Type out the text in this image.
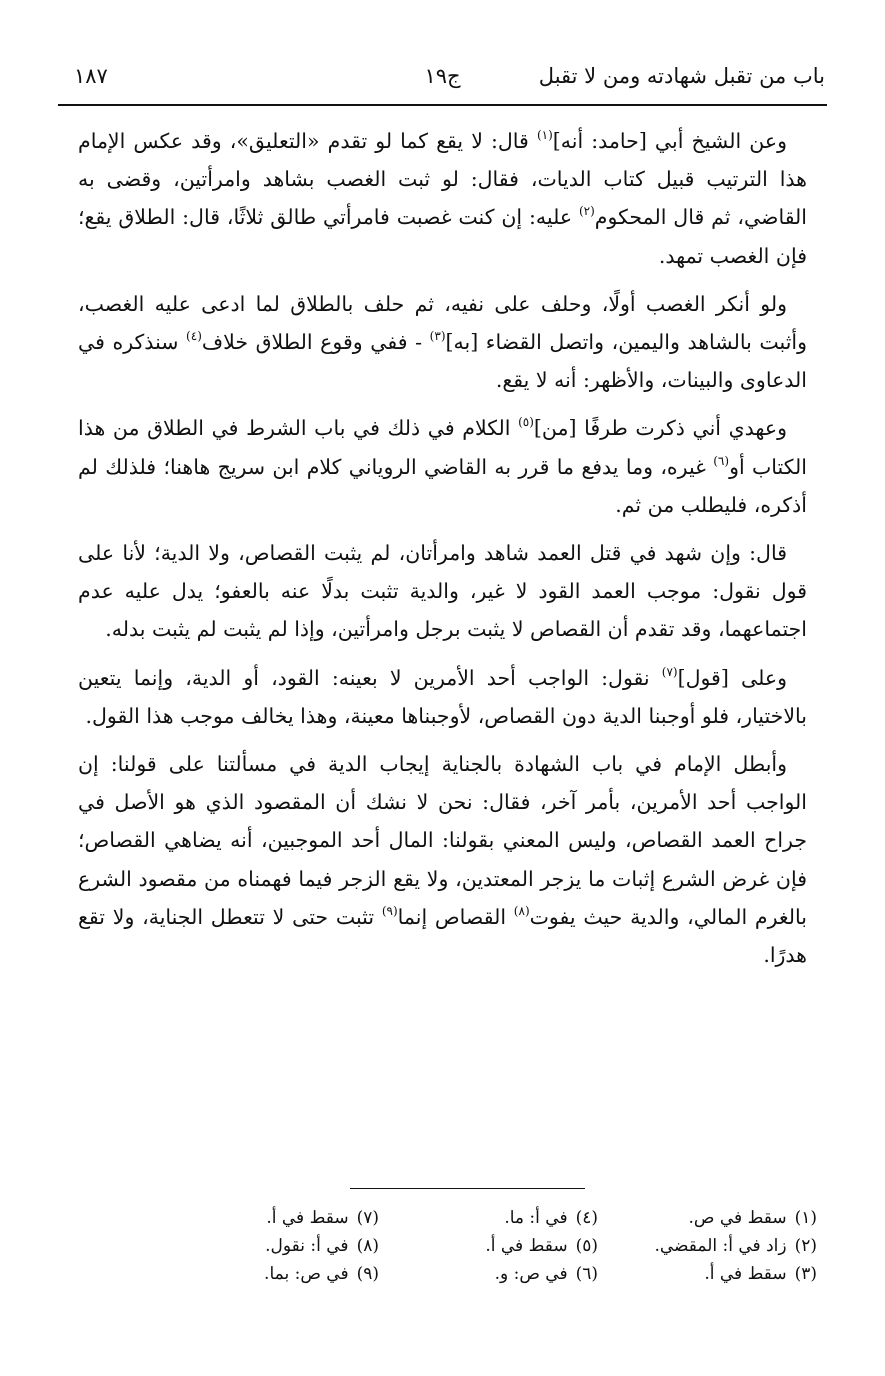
باب من تقبل شهادته ومن لا تقبل
ج١٩
١٨٧

وعن الشيخ أبي [حامد: أنه]$^{(١)}$ قال: لا يقع كما لو تقدم «التعليق»، وقد عكس الإمام هذا الترتيب قبيل كتاب الديات، فقال: لو ثبت الغصب بشاهد وامرأتين، وقضى به القاضي، ثم قال المحكوم$^{(٢)}$ عليه: إن كنت غصبت فامرأتي طالق ثلاثًا، قال: الطلاق يقع؛ فإن الغصب تمهد.

ولو أنكر الغصب أولًا، وحلف على نفيه، ثم حلف بالطلاق لما ادعى عليه الغصب، وأثبت بالشاهد واليمين، واتصل القضاء [به]$^{(٣)}$ - ففي وقوع الطلاق خلاف$^{(٤)}$ سنذكره في الدعاوى والبينات، والأظهر: أنه لا يقع.

وعهدي أني ذكرت طرفًا [من]$^{(٥)}$ الكلام في ذلك في باب الشرط في الطلاق من هذا الكتاب أو$^{(٦)}$ غيره، وما يدفع ما قرر به القاضي الروياني كلام ابن سريج هاهنا؛ فلذلك لم أذكره، فليطلب من ثم.

قال: وإن شهد في قتل العمد شاهد وامرأتان، لم يثبت القصاص، ولا الدية؛ لأنا على قول نقول: موجب العمد القود لا غير، والدية تثبت بدلًا عنه بالعفو؛ يدل عليه عدم اجتماعهما، وقد تقدم أن القصاص لا يثبت برجل وامرأتين، وإذا لم يثبت لم يثبت بدله.

وعلى [قول]$^{(٧)}$ نقول: الواجب أحد الأمرين لا بعينه: القود، أو الدية، وإنما يتعين بالاختيار، فلو أوجبنا الدية دون القصاص، لأوجبناها معينة، وهذا يخالف موجب هذا القول.

وأبطل الإمام في باب الشهادة بالجناية إيجاب الدية في مسألتنا على قولنا: إن الواجب أحد الأمرين، بأمر آخر، فقال: نحن لا نشك أن المقصود الذي هو الأصل في جراح العمد القصاص، وليس المعني بقولنا: المال أحد الموجبين، أنه يضاهي القصاص؛ فإن غرض الشرع إثبات ما يزجر المعتدين، ولا يقع الزجر فيما فهمناه من مقصود الشرع بالغرم المالي، والدية حيث يفوت$^{(٨)}$ القصاص إنما$^{(٩)}$ تثبت حتى لا تتعطل الجناية، ولا تقع هدرًا.

(١)سقط في ص.
(٢)زاد في أ: المقضي.
(٣)سقط في أ.
(٤)في أ: ما.
(٥)سقط في أ.
(٦)في ص: و.
(٧)سقط في أ.
(٨)في أ: نقول.
(٩)في ص: بما.
